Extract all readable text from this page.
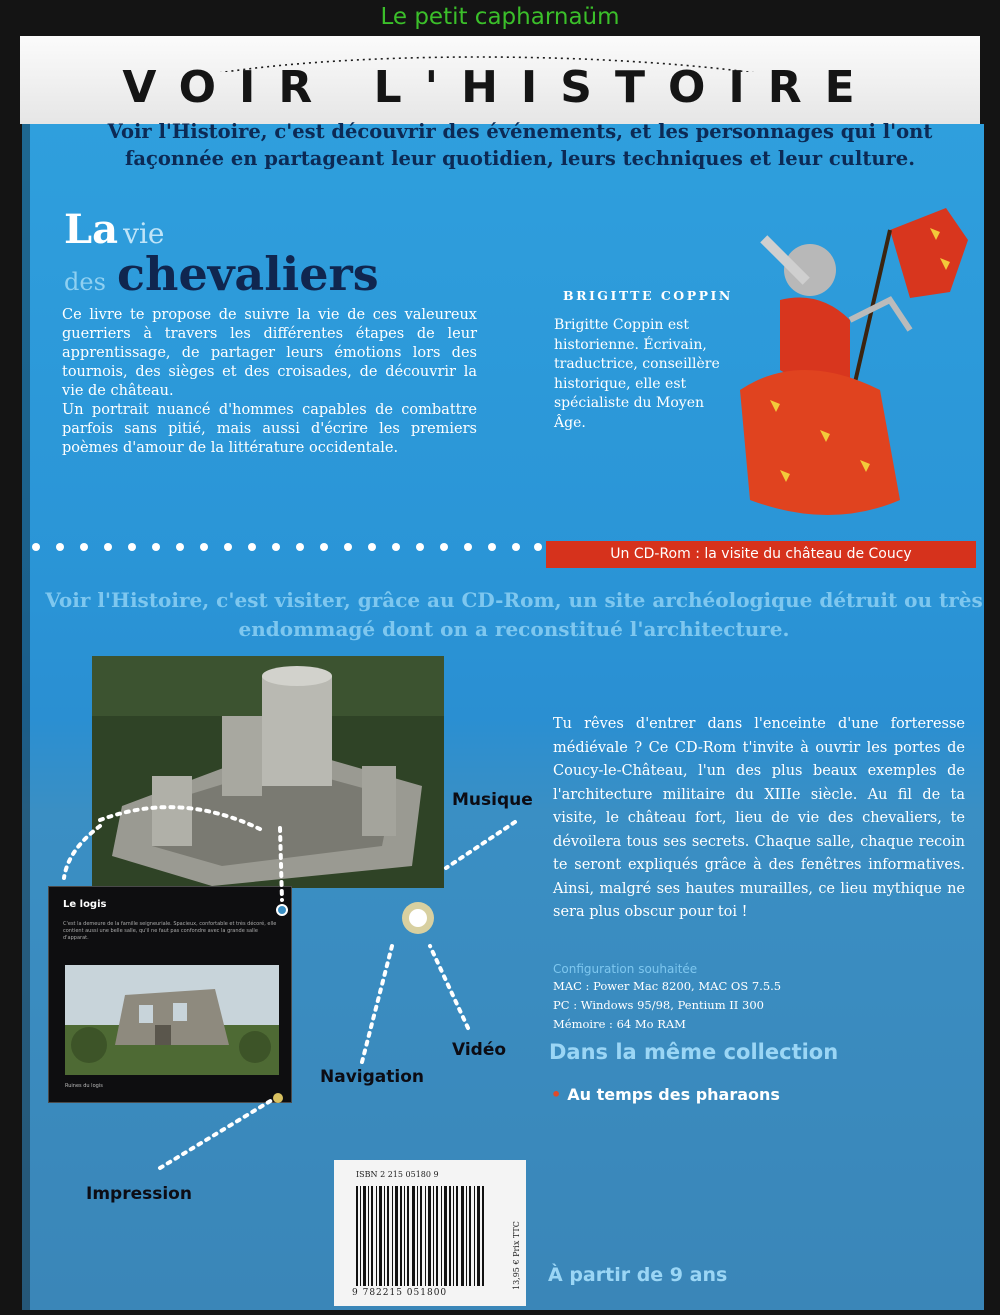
Le petit capharnaüm
VOIR L'HISTOIRE
Voir l'Histoire, c'est découvrir des événements, et les personnages qui l'ont façonnée en partageant leur quotidien, leurs techniques et leur culture.
La vie
des chevaliers
Ce livre te propose de suivre la vie de ces valeureux guerriers à travers les différentes étapes de leur apprentissage, de partager leurs émotions lors des tournois, des sièges et des croisades, de découvrir la vie de château.
Un portrait nuancé d'hommes capables de combattre parfois sans pitié, mais aussi d'écrire les premiers poèmes d'amour de la littérature occidentale.
BRIGITTE COPPIN
Brigitte Coppin est historienne. Écrivain, traductrice, conseillère historique, elle est spécialiste du Moyen Âge.
Un CD-Rom : la visite du château de Coucy
Voir l'Histoire, c'est visiter, grâce au CD-Rom, un site archéologique détruit ou très endommagé dont on a reconstitué l'architecture.
Le logis
C'est la demeure de la famille seigneuriale. Spacieux, confortable et très décoré, elle contient aussi une belle salle, qu'il ne faut pas confondre avec la grande salle d'apparat.
Ruines du logis
Musique
Vidéo
Navigation
Impression
Tu rêves d'entrer dans l'enceinte d'une forteresse médiévale ? Ce CD-Rom t'invite à ouvrir les portes de Coucy-le-Château, l'un des plus beaux exemples de l'architecture militaire du XIIIe siècle. Au fil de ta visite, le château fort, lieu de vie des chevaliers, te dévoilera tous ses secrets. Chaque salle, chaque recoin te seront expliqués grâce à des fenêtres informatives. Ainsi, malgré ses hautes murailles, ce lieu mythique ne sera plus obscur pour toi !
Configuration souhaitée
MAC : Power Mac 8200, MAC OS 7.5.5
PC : Windows 95/98, Pentium II 300
Mémoire : 64 Mo RAM
Dans la même collection
• Au temps des pharaons
ISBN 2 215 05180 9
9 782215 051800
13,95 € Prix TTC À partir de 9 ans
